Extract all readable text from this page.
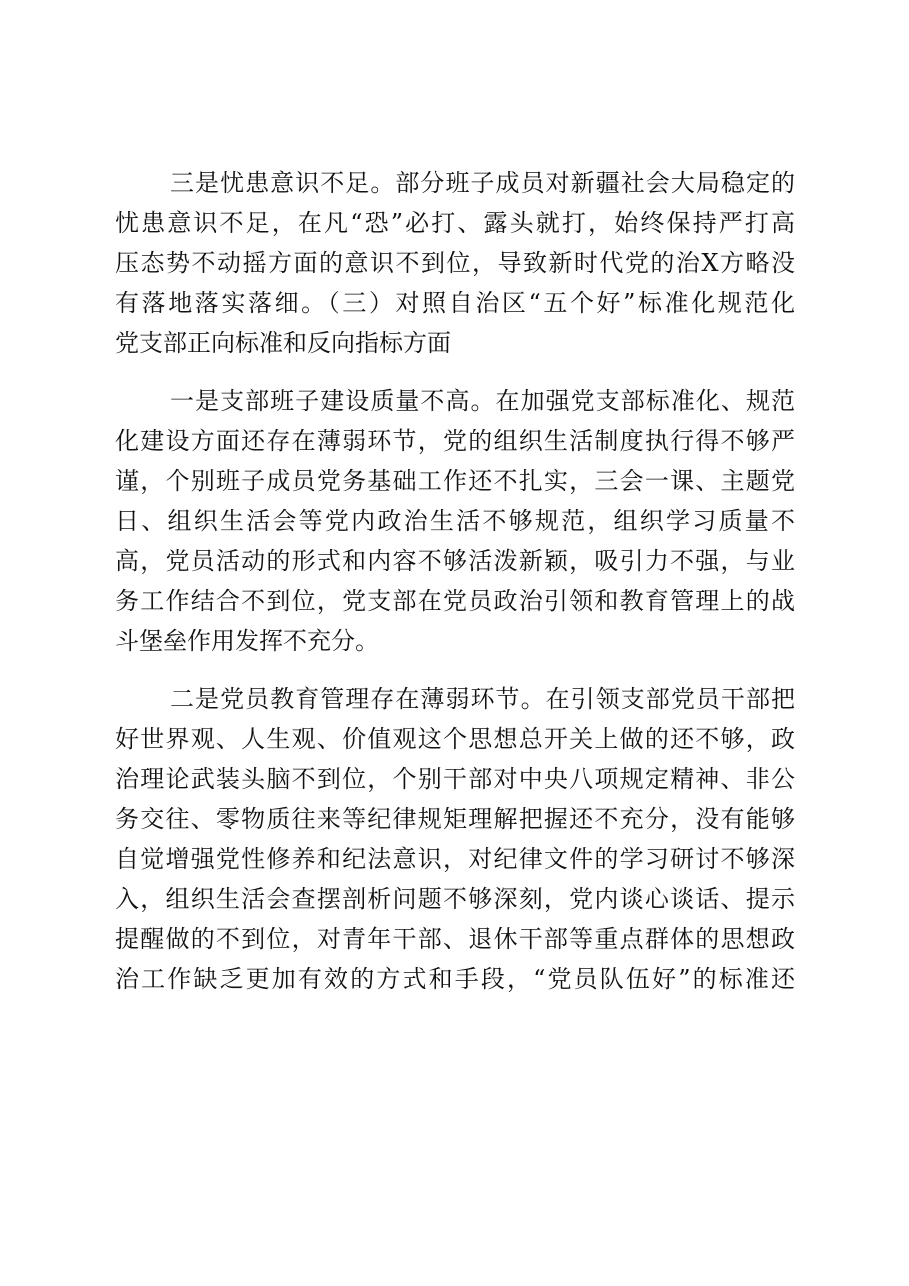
三是忧患意识不足。部分班子成员对新疆社会大局稳定的
忧患意识不足，在凡“恐”必打、露头就打，始终保持严打高
压态势不动摇方面的意识不到位，导致新时代党的治X方略没
有落地落实落细。（三）对照自治区“五个好”标准化规范化
党支部正向标准和反向指标方面
一是支部班子建设质量不高。在加强党支部标准化、规范
化建设方面还存在薄弱环节，党的组织生活制度执行得不够严
谨，个别班子成员党务基础工作还不扎实，三会一课、主题党
日、组织生活会等党内政治生活不够规范，组织学习质量不
高，党员活动的形式和内容不够活泼新颖，吸引力不强，与业
务工作结合不到位，党支部在党员政治引领和教育管理上的战
斗堡垒作用发挥不充分。
二是党员教育管理存在薄弱环节。在引领支部党员干部把
好世界观、人生观、价值观这个思想总开关上做的还不够，政
治理论武装头脑不到位，个别干部对中央八项规定精神、非公
务交往、零物质往来等纪律规矩理解把握还不充分，没有能够
自觉增强党性修养和纪法意识，对纪律文件的学习研讨不够深
入，组织生活会查摆剖析问题不够深刻，党内谈心谈话、提示
提醒做的不到位，对青年干部、退休干部等重点群体的思想政
治工作缺乏更加有效的方式和手段，“党员队伍好”的标准还
